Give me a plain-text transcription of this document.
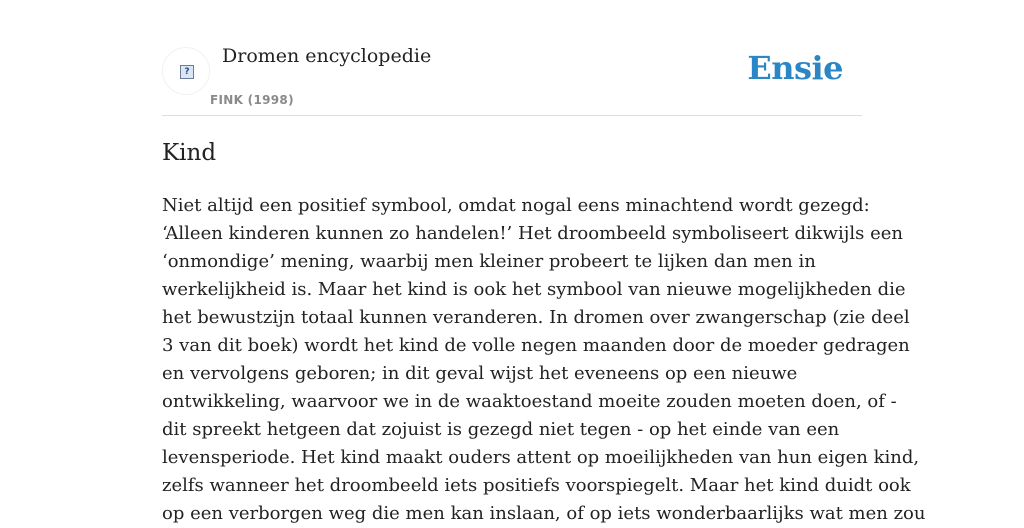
?
Dromen encyclopedie
FINK (1998)
Ensie
Kind

Niet altijd een positief symbool, omdat nogal eens minachtend wordt gezegd:
‘Alleen kinderen kunnen zo handelen!’ Het droombeeld symboliseert dikwijls een
‘onmondige’ mening, waarbij men kleiner probeert te lijken dan men in
werkelijkheid is. Maar het kind is ook het symbool van nieuwe mogelijkheden die
het bewustzijn totaal kunnen veranderen. In dromen over zwangerschap (zie deel
3 van dit boek) wordt het kind de volle negen maanden door de moeder gedragen
en vervolgens geboren; in dit geval wijst het eveneens op een nieuwe
ontwikkeling, waarvoor we in de waaktoestand moeite zouden moeten doen, of -
dit spreekt hetgeen dat zojuist is gezegd niet tegen - op het einde van een
levensperiode. Het kind maakt ouders attent op moeilijkheden van hun eigen kind,
zelfs wanneer het droombeeld iets positiefs voorspiegelt. Maar het kind duidt ook
op een verborgen weg die men kan inslaan, of op iets wonderbaarlijks wat men zou
